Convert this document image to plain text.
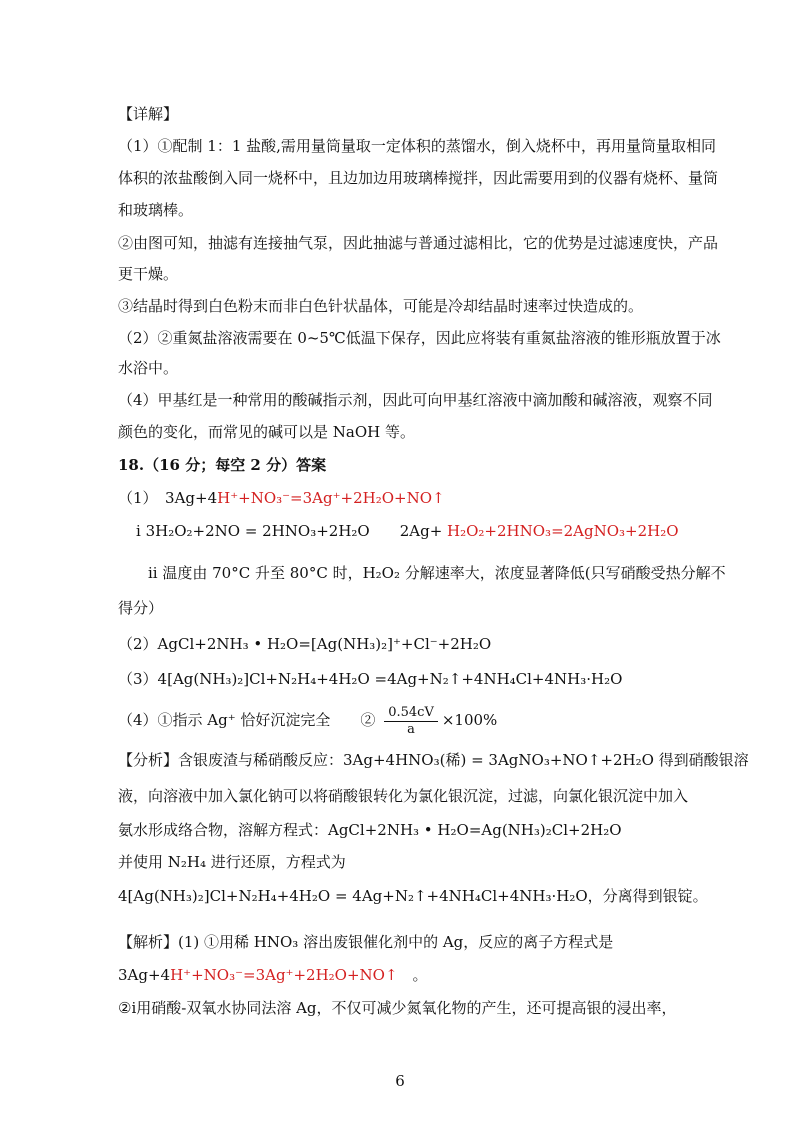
【详解】
（1）①配制 1：1 盐酸,需用量筒量取一定体积的蒸馏水，倒入烧杯中，再用量筒量取相同
体积的浓盐酸倒入同一烧杯中，且边加边用玻璃棒搅拌，因此需要用到的仪器有烧杯、量筒
和玻璃棒。
②由图可知，抽滤有连接抽气泵，因此抽滤与普通过滤相比，它的优势是过滤速度快，产品
更干燥。
③结晶时得到白色粉末而非白色针状晶体，可能是冷却结晶时速率过快造成的。
（2）②重氮盐溶液需要在 0~5℃低温下保存，因此应将装有重氮盐溶液的锥形瓶放置于冰
水浴中。
（4）甲基红是一种常用的酸碱指示剂，因此可向甲基红溶液中滴加酸和碱溶液，观察不同
颜色的变化，而常见的碱可以是 NaOH 等。
18.（16 分；每空 2 分）答案
（1）　3Ag+4H⁺+NO₃⁻=3Ag⁺+2H₂O+NO↑
i 3H₂O₂+2NO = 2HNO₃+2H₂O　　2Ag+ H₂O₂+2HNO₃=2AgNO₃+2H₂O
ii 温度由 70°C 升至 80°C 时，H₂O₂ 分解速率大，浓度显著降低(只写硝酸受热分解不
得分）
（2）AgCl+2NH₃ • H₂O=[Ag(NH₃)₂]⁺+Cl⁻+2H₂O
（3）4[Ag(NH₃)₂]Cl+N₂H₄+4H₂O =4Ag+N₂↑+4NH₄Cl+4NH₃·H₂O
（4）①指示 Ag⁺ 恰好沉淀完全　　② $\frac{0.54cV}{a} \times 100\%$
【分析】含银废渣与稀硝酸反应：3Ag+4HNO₃(稀) = 3AgNO₃+NO↑+2H₂O 得到硝酸银溶
液，向溶液中加入氯化钠可以将硝酸银转化为氯化银沉淀，过滤，向氯化银沉淀中加入
氨水形成络合物，溶解方程式：AgCl+2NH₃ • H₂O=Ag(NH₃)₂Cl+2H₂O
并使用 N₂H₄ 进行还原，方程式为
4[Ag(NH₃)₂]Cl+N₂H₄+4H₂O = 4Ag+N₂↑+4NH₄Cl+4NH₃·H₂O，分离得到银锭。
【解析】(1) ①用稀 HNO₃ 溶出废银催化剂中的 Ag，反应的离子方程式是
3Ag+4H⁺+NO₃⁻=3Ag⁺+2H₂O+NO↑　。
②ⅰ用硝酸-双氧水协同法溶 Ag，不仅可减少氮氧化物的产生，还可提高银的浸出率，
6
